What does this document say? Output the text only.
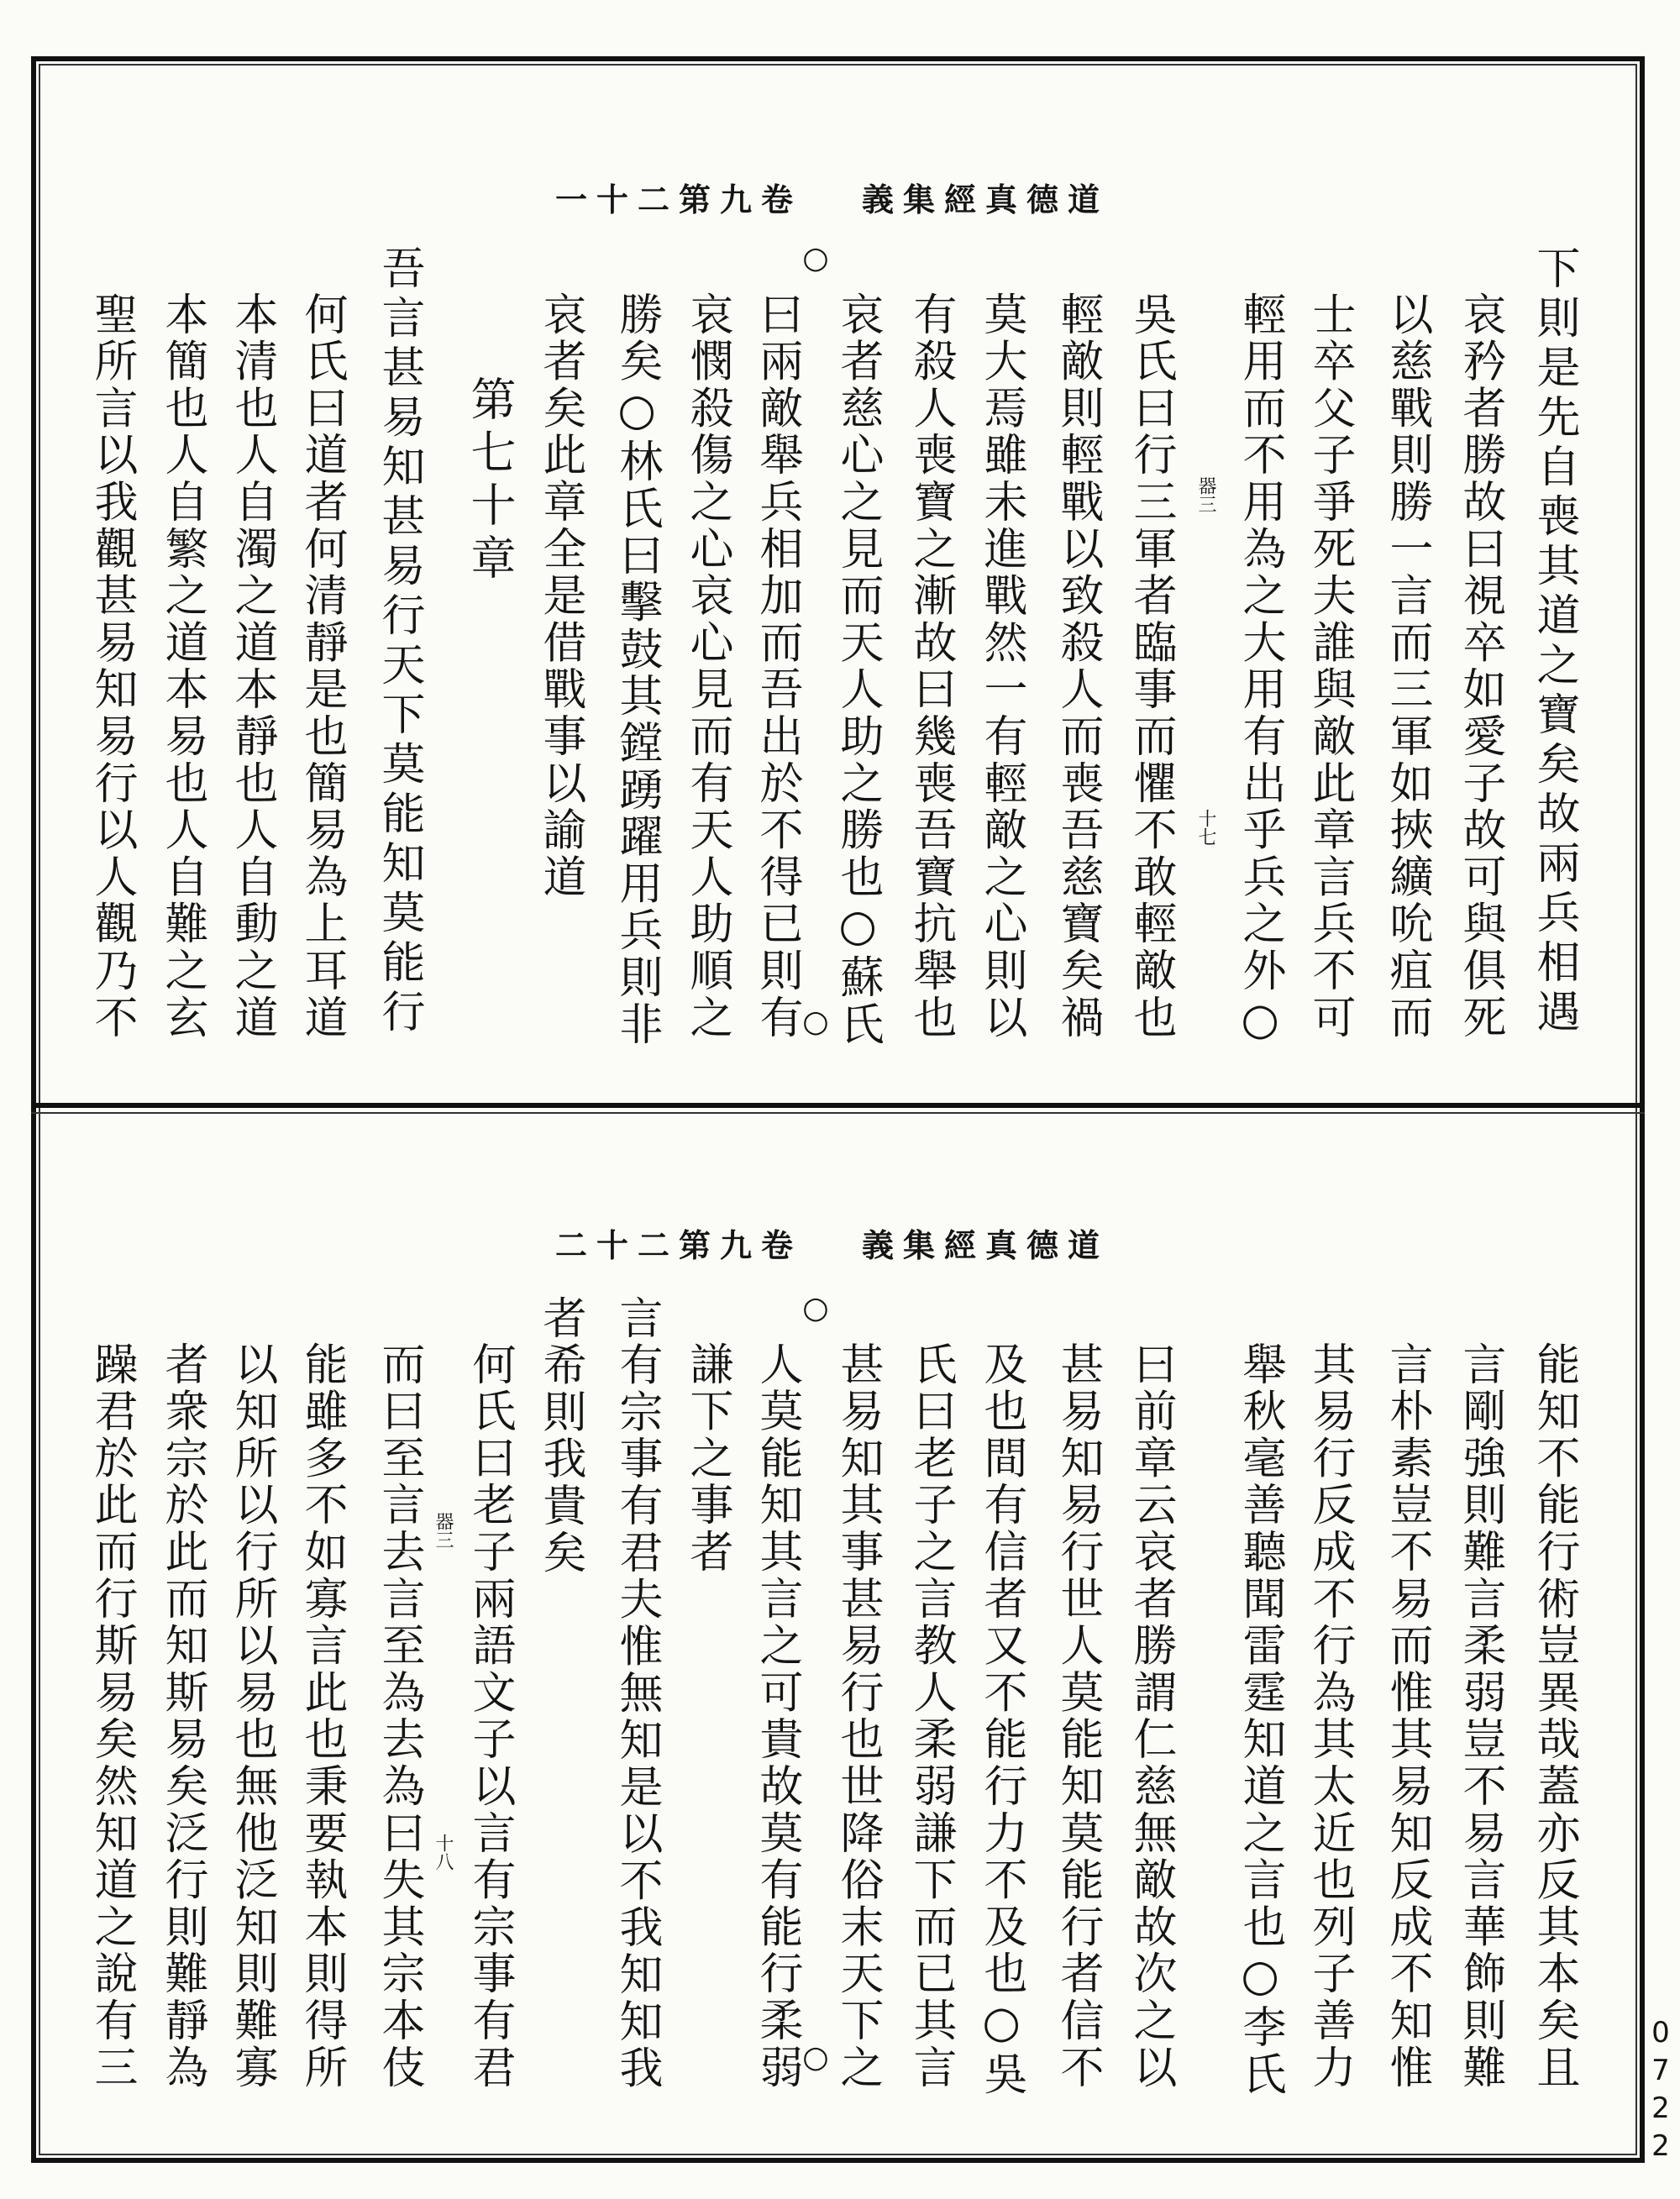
道德真經集義
卷九第二十一
下則是先自喪其道之寶矣故兩兵相遇
哀矜者勝故曰視卒如愛子故可與俱死
以慈戰則勝一言而三軍如挾纊吮疽而
士卒父子爭死夫誰與敵此章言兵不可
輕用而不用為之大用有出乎兵之外○
吳氏曰行三軍者臨事而懼不敢輕敵也
輕敵則輕戰以致殺人而喪吾慈寶矣禍
莫大焉雖未進戰然一有輕敵之心則以
有殺人喪寶之漸故曰幾喪吾寶抗舉也
哀者慈心之見而天人助之勝也○蘇氏
曰兩敵舉兵相加而吾出於不得已則有
哀憫殺傷之心哀心見而有天人助順之
勝矣○林氏曰擊鼓其鏜踴躍用兵則非
哀者矣此章全是借戰事以諭道
第七十章
吾言甚易知甚易行天下莫能知莫能行
何氏曰道者何清靜是也簡易為上耳道
本清也人自濁之道本靜也人自動之道
本簡也人自繁之道本易也人自難之玄
聖所言以我觀甚易知易行以人觀乃不	器三
十七
○
○
道德真經集義
卷九第二十二
能知不能行術豈異哉蓋亦反其本矣且
言剛強則難言柔弱豈不易言華飾則難
言朴素豈不易而惟其易知反成不知惟
其易行反成不行為其太近也列子善力
舉秋毫善聽聞雷霆知道之言也○李氏
曰前章云哀者勝謂仁慈無敵故次之以
甚易知易行世人莫能知莫能行者信不
及也間有信者又不能行力不及也○吳
氏曰老子之言教人柔弱謙下而已其言
甚易知其事甚易行也世降俗末天下之
人莫能知其言之可貴故莫有能行柔弱
謙下之事者
言有宗事有君夫惟無知是以不我知知我
者希則我貴矣
何氏曰老子兩語文子以言有宗事有君
而曰至言去言至為去為曰失其宗本伎
能雖多不如寡言此也秉要執本則得所
以知所以行所以易也無他泛知則難寡
者衆宗於此而知斯易矣泛行則難靜為
躁君於此而行斯易矣然知道之說有三	器三
十八
○
○	0722
